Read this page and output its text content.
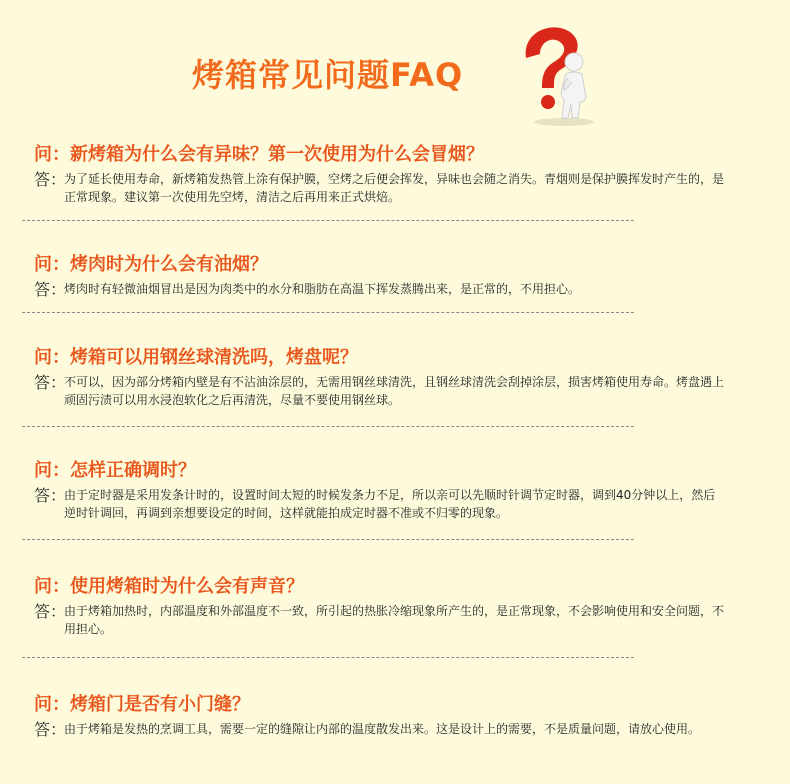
烤箱常见问题FAQ
问：新烤箱为什么会有异味？第一次使用为什么会冒烟？
答：
为了延长使用寿命，新烤箱发热管上涂有保护膜，空烤之后便会挥发，异味也会随之消失。青烟则是保护膜挥发时产生的，是正常现象。建议第一次使用先空烤，清洁之后再用来正式烘焙。
问：烤肉时为什么会有油烟？
答：
烤肉时有轻微油烟冒出是因为肉类中的水分和脂肪在高温下挥发蒸腾出来，是正常的，不用担心。
问：烤箱可以用钢丝球清洗吗，烤盘呢？
答：
不可以，因为部分烤箱内壁是有不沾油涂层的，无需用钢丝球清洗，且钢丝球清洗会刮掉涂层，损害烤箱使用寿命。烤盘遇上顽固污渍可以用水浸泡软化之后再清洗，尽量不要使用钢丝球。
问：怎样正确调时？
答：
由于定时器是采用发条计时的，设置时间太短的时候发条力不足，所以亲可以先顺时针调节定时器，调到40分钟以上，然后逆时针调回，再调到亲想要设定的时间，这样就能拍成定时器不准或不归零的现象。
问：使用烤箱时为什么会有声音？
答：
由于烤箱加热时，内部温度和外部温度不一致，所引起的热胀冷缩现象所产生的，是正常现象，不会影响使用和安全问题，不用担心。
问：烤箱门是否有小门缝？
答：
由于烤箱是发热的烹调工具，需要一定的缝隙让内部的温度散发出来。这是设计上的需要，不是质量问题，请放心使用。
